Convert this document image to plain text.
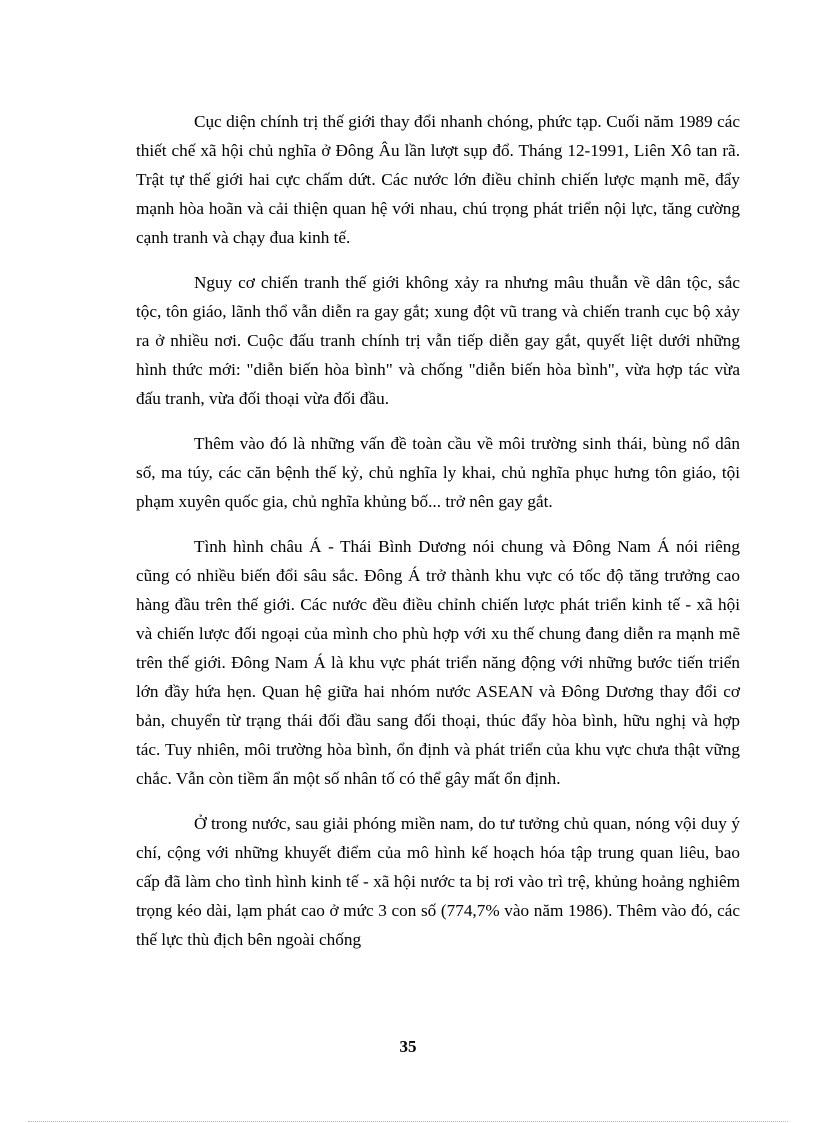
Cục diện chính trị thế giới thay đổi nhanh chóng, phức tạp. Cuối năm 1989 các thiết chế xã hội chủ nghĩa ở Đông Âu lần lượt sụp đổ. Tháng 12-1991, Liên Xô tan rã. Trật tự thế giới hai cực chấm dứt. Các nước lớn điều chỉnh chiến lược mạnh mẽ, đẩy mạnh hòa hoãn và cải thiện quan hệ với nhau, chú trọng phát triển nội lực, tăng cường cạnh tranh và chạy đua kinh tế.

Nguy cơ chiến tranh thế giới không xảy ra nhưng mâu thuẫn về dân tộc, sắc tộc, tôn giáo, lãnh thổ vẫn diễn ra gay gắt; xung đột vũ trang và chiến tranh cục bộ xảy ra ở nhiều nơi. Cuộc đấu tranh chính trị vẫn tiếp diễn gay gắt, quyết liệt dưới những hình thức mới: "diễn biến hòa bình" và chống "diễn biến hòa bình", vừa hợp tác vừa đấu tranh, vừa đối thoại vừa đối đầu.

Thêm vào đó là những vấn đề toàn cầu về môi trường sinh thái, bùng nổ dân số, ma túy, các căn bệnh thế kỷ, chủ nghĩa ly khai, chủ nghĩa phục hưng tôn giáo, tội phạm xuyên quốc gia, chủ nghĩa khủng bố... trở nên gay gắt.

Tình hình châu Á - Thái Bình Dương nói chung và Đông Nam Á nói riêng cũng có nhiều biến đổi sâu sắc. Đông Á trở thành khu vực có tốc độ tăng trưởng cao hàng đầu trên thế giới. Các nước đều điều chỉnh chiến lược phát triển kinh tế - xã hội và chiến lược đối ngoại của mình cho phù hợp với xu thế chung đang diễn ra mạnh mẽ trên thế giới. Đông Nam Á là khu vực phát triển năng động với những bước tiến triển lớn đầy hứa hẹn. Quan hệ giữa hai nhóm nước ASEAN và Đông Dương thay đổi cơ bản, chuyển từ trạng thái đối đầu sang đối thoại, thúc đẩy hòa bình, hữu nghị và hợp tác. Tuy nhiên, môi trường hòa bình, ổn định và phát triển của khu vực chưa thật vững chắc. Vẫn còn tiềm ẩn một số nhân tố có thể gây mất ổn định.

Ở trong nước, sau giải phóng miền nam, do tư tưởng chủ quan, nóng vội duy ý chí, cộng với những khuyết điểm của mô hình kế hoạch hóa tập trung quan liêu, bao cấp đã làm cho tình hình kinh tế - xã hội nước ta bị rơi vào trì trệ, khủng hoảng nghiêm trọng kéo dài, lạm phát cao ở mức 3 con số (774,7% vào năm 1986). Thêm vào đó, các thế lực thù địch bên ngoài chống

35
